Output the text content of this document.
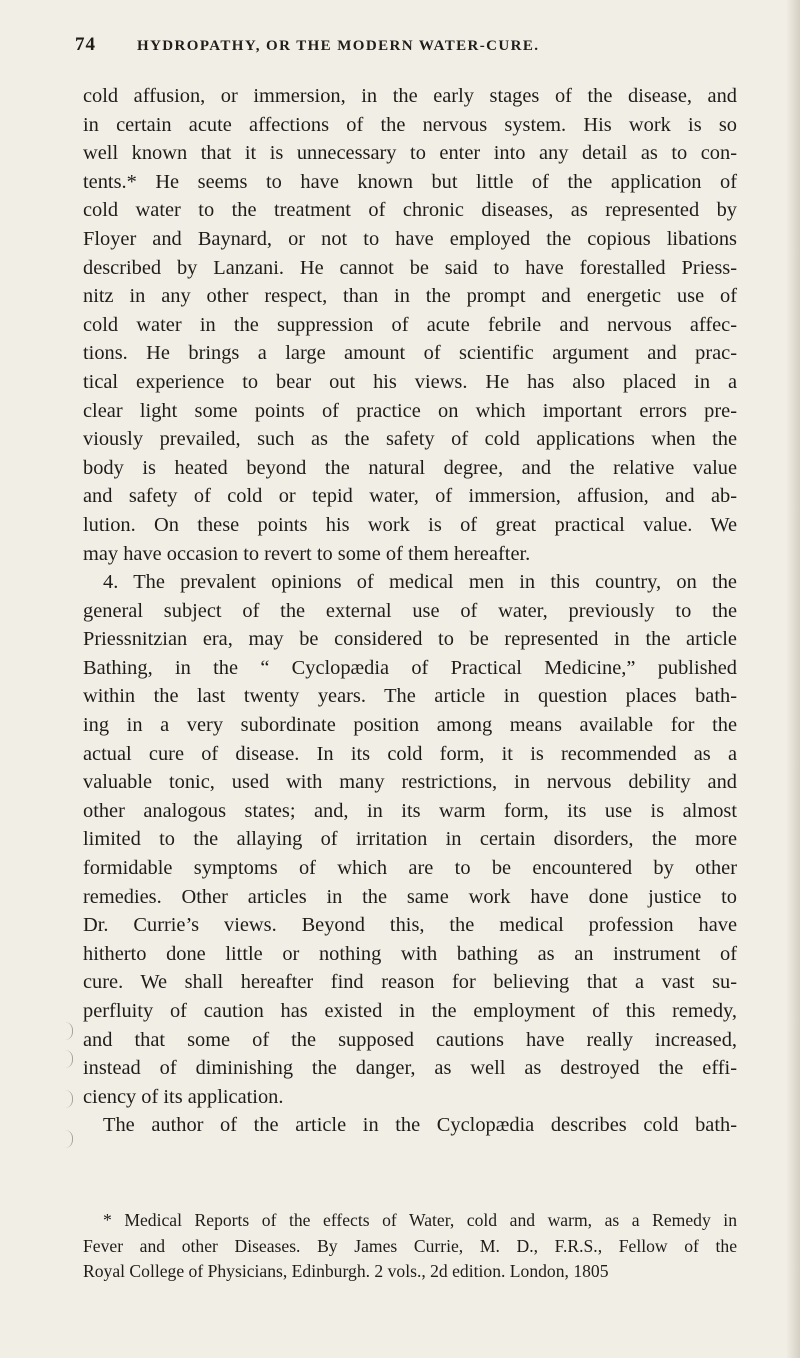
74	HYDROPATHY, OR THE MODERN WATER-CURE.
cold affusion, or immersion, in the early stages of the disease, and
in certain acute affections of the nervous system. His work is so
well known that it is unnecessary to enter into any detail as to con-
tents.* He seems to have known but little of the application of
cold water to the treatment of chronic diseases, as represented by
Floyer and Baynard, or not to have employed the copious libations
described by Lanzani. He cannot be said to have forestalled Priess-
nitz in any other respect, than in the prompt and energetic use of
cold water in the suppression of acute febrile and nervous affec-
tions. He brings a large amount of scientific argument and prac-
tical experience to bear out his views. He has also placed in a
clear light some points of practice on which important errors pre-
viously prevailed, such as the safety of cold applications when the
body is heated beyond the natural degree, and the relative value
and safety of cold or tepid water, of immersion, affusion, and ab-
lution. On these points his work is of great practical value. We
may have occasion to revert to some of them hereafter.
4. The prevalent opinions of medical men in this country, on the
general subject of the external use of water, previously to the
Priessnitzian era, may be considered to be represented in the article
Bathing, in the “ Cyclopædia of Practical Medicine,” published
within the last twenty years. The article in question places bath-
ing in a very subordinate position among means available for the
actual cure of disease. In its cold form, it is recommended as a
valuable tonic, used with many restrictions, in nervous debility and
other analogous states; and, in its warm form, its use is almost
limited to the allaying of irritation in certain disorders, the more
formidable symptoms of which are to be encountered by other
remedies. Other articles in the same work have done justice to
Dr. Currie’s views. Beyond this, the medical profession have
hitherto done little or nothing with bathing as an instrument of
cure. We shall hereafter find reason for believing that a vast su-
perfluity of caution has existed in the employment of this remedy,
and that some of the supposed cautions have really increased,
instead of diminishing the danger, as well as destroyed the effi-
ciency of its application.
The author of the article in the Cyclopædia describes cold bath-
* Medical Reports of the effects of Water, cold and warm, as a Remedy in
Fever and other Diseases. By James Currie, M. D., F.R.S., Fellow of the
Royal College of Physicians, Edinburgh. 2 vols., 2d edition. London, 1805
